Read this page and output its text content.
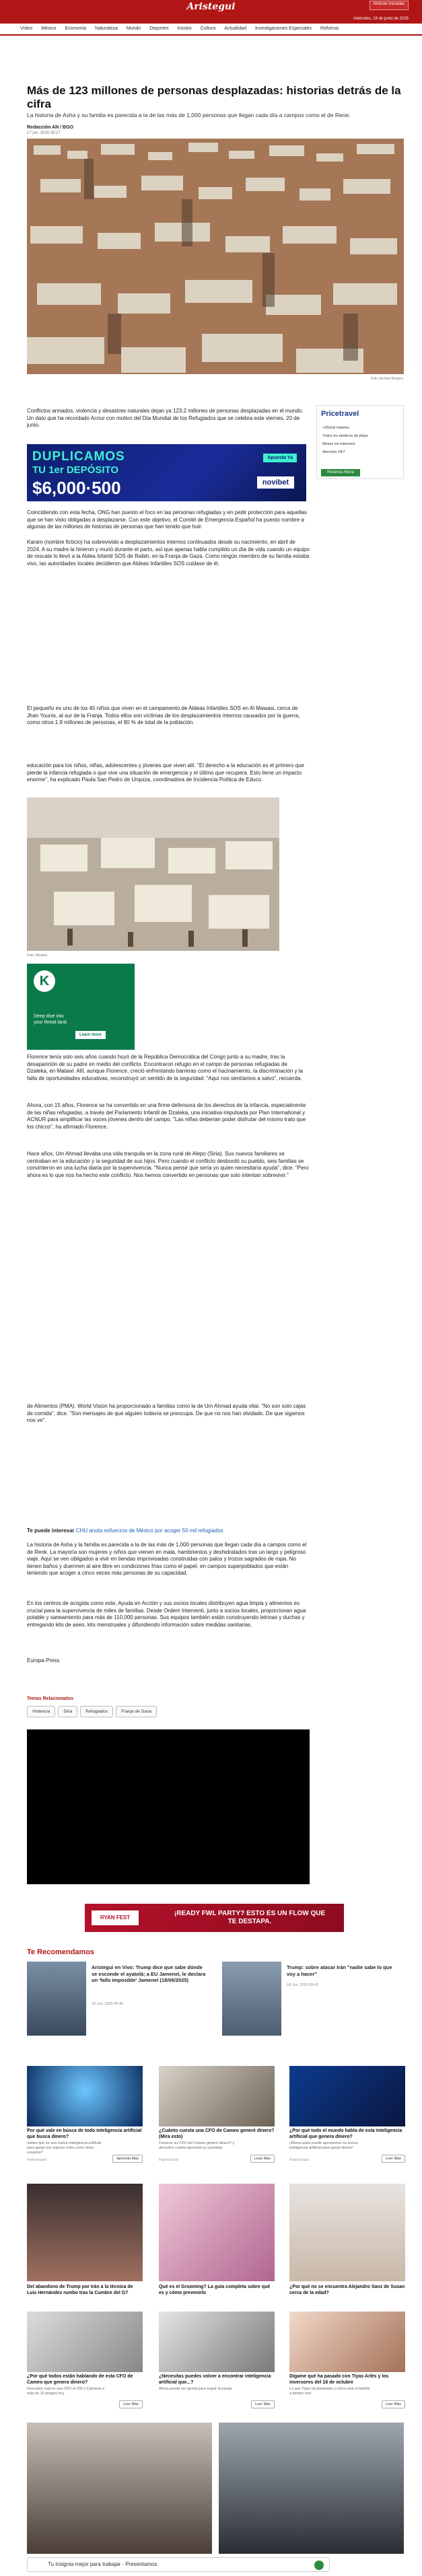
Aristegui	Noticias Iniciadas
miércoles, 18 de junio de 2025
Vídeo México Economía Naturaleza Mundo Deportes Kiosko Cultura Actualidad Investigaciones Especiales Reforma
Más de 123 millones de personas desplazadas: historias detrás de la cifra

La historia de Asha y su familia es parecida a la de las más de 1,000 personas que llegan cada día a campos como el de Rene.

Redacción AN / BGO
17 jun, 2025 08:27
Foto: Archivo Reuters

Conflictos armados, violencia y desastres naturales dejan ya 123.2 millones de personas desplazadas en el mundo. Un dato que ha recordado Acnur con motivo del Día Mundial de los Refugiados que se celebra este viernes, 20 de junio.

Pricetravel
+250mil Hoteles
Todos los destinos de playa
Meses sin intereses
Atención 24/7
Reserva Ahora
DUPLICAMOS
TU 1er DEPÓSITO
$6,000·500
Apuesta Ya
novibet

Coincidiendo con esta fecha, ONG han puesto el foco en las personas refugiadas y en pedir protección para aquellas que se han visto obligadas a desplazarse. Con este objetivo, el Comité de Emergencia Español ha puesto nombre a algunas de las millones de historias de personas que han tenido que huir.

Karam (nombre ficticio) ha sobrevivido a desplazamientos internos continuados desde su nacimiento, en abril de 2024. A su madre la hirieron y murió durante el parto, así que apenas habla cumplido un día de vida cuando un equipo de rescate lo llevó a la Aldea Infantil SOS de Rafah, en la Franja de Gaza. Como ningún miembro de su familia estaba vivo, las autoridades locales decidieron que Aldeas Infantiles SOS cuidase de él.

El pequeño es uno de los 45 niños que viven en el campamento de Aldeas Infantiles SOS en Al Mawasi, cerca de Jhan Younis, al sur de la Franja. Todos ellos son víctimas de los desplazamientos internos causados por la guerra, como otros 1.9 millones de personas, el 90 % de total de la población.

educación para los niños, niñas, adolescentes y jóvenes que viven allí. "El derecho a la educación es el primero que pierde la infancia refugiada o que vive una situación de emergencia y el último que recupera. Esto tiene un impacto enorme", ha explicado Paula San Pedro de Urquiza, coordinadora de Incidencia Política de Educo.

Foto: Reuters
K
Deep dive into your threat land.
Learn more

Florence tenía solo seis años cuando huyó de la República Democrática del Congo junto a su madre, tras la desaparición de su padre en medio del conflicto. Encontraron refugio en el campo de personas refugiadas de Dzaleka, en Malawi. Allí, aunque Florence, creció enfrentando barreras como el hacinamiento, la discriminación y la falta de oportunidades educativas, reconstruyó un sentido de la seguridad: "Aquí nos sentíamos a salvo", recuerda.

Ahora, con 15 años, Florence se ha convertido en una firme defensora de los derechos de la infancia, especialmente de las niñas refugiadas, a través del Parlamento Infantil de Dzaleka, una iniciativa impulsada por Plan International y ACNUR para amplificar las voces jóvenes dentro del campo. "Las niñas deberían poder disfrutar del mismo trato que los chicos", ha afirmado Florence.

Hace años, Um Ahmad llevaba una vida tranquila en la zona rural de Alepo (Siria). Sus nuevos familiares se centraban en la educación y la seguridad de sus hijos. Pero cuando el conflicto desbordó su pueblo, seis familias se convirtieron en una lucha diaria por la supervivencia. "Nunca pensé que sería yo quien necesitaría ayuda", dice. "Pero ahora es lo que nos ha hecho este conflicto. Nos hemos convertido en personas que solo intentan sobrevivir."

de Alimentos (PMA). World Vision ha proporcionado a familias como la de Um Ahmad ayuda vital. "No son solo cajas de comida", dice. "Son mensajes de que alguien todavía se preocupa. De que no nos han olvidado. De que sigamos nos ve".

Te puede interesar CHU anota esfuerzos de México por acoger 50 mil refugiados

La historia de Asha y la familia es parecida a la de las más de 1,000 personas que llegan cada día a campos como el de Renk. La mayoría son mujeres y niños que vienen en mala, hambrientos y deshidratados tras un largo y peligroso viaje. Aquí se ven obligados a vivir en tiendas improvisadas construidas con palos y trozos sagrados de ropa. No tienen baños y duermen al aire libre en condiciones frías como el papel, en campos superpoblados que están teniendo que acoger a cinco veces más personas de su capacidad.

En los centros de acogida como este, Ayuda en Acción y sus socios locales distribuyen agua limpia y alimentos es crucial para la supervivencia de miles de familias. Desde Ordem Interventi, junto a socios locales, proporcionan agua potable y saneamiento para más de 110,000 personas. Sus equipos también están construyendo letrinas y duchas y entregando kits de aseo, kits menstruales y difundiendo información sobre medidas sanitarias.

Europa Press

Temas Relacionados
Violencia	Siria	Refugiados	Franja de Gaza
RYAN FEST
¡READY FWL PARTY? ESTO ES UN FLOW QUE TE DESTAPA.
Te Recomendamos
Aristegui en Vivo: Trump dice que sabe dónde se esconde el ayatolá; a EU Jameneí, le declara un 'fallo imposible' Jameneí (18/06/2025)
18 Jun, 2025 08:40
Trump: sobre atacar Irán "nadie sabe lo que voy a hacer"
18 Jun, 2025 09:41
Por qué vale en búsca de todo inteligencia artificial que busca dinero?
Sabes qué es una nueva inteligencia artificial para ganar ese ingreso extra como otros usuarios?
Patrocinado	Aprenda Más
¿Cuánto cuesta una CFO de Cameo generé dinero? (Mira esto)
Conocer su CFO del Cameo generé dinero? y descubre cuánto aprendió su cuentista
Patrocinado	Lean Más
¿Por qué todo el mundo habla de esta inteligencia artificial que genera dinero?
¡Ahora usted puede aprovechar su nueva inteligencia artificial para ganar dinero!
Patrocinado	Leer Más
Del abandono de Trump por Irán a la técnica de Luis Hernández rumbo tras la Cumbre del G7
Qué es el Grooming? La guía completa sobre qué es y cómo prevenirlo
¿Por qué no se encuentra Alejandro Sanz de Susan cerca de la edad?
¿Por qué todos están hablando de esta CFO de Cameo que genera dinero?
Descubre cuál es una CFO el 200 y Cámaras s más de 10 amigos hoy
Leer Más
¿Necesitas puedes volver a encontrar inteligencia artificial que...?
Ahora puede ser genial para seguir la pareja
Leer Más
Dígame qué ha pasado con Tiyas Arlés y los inversores del 18 de octubre
Lo que Tiyas ha planteado y cómo está el bolsillo a tiempo real
Leer Más
Tu insignia mejor para trabajar - Presentamos
